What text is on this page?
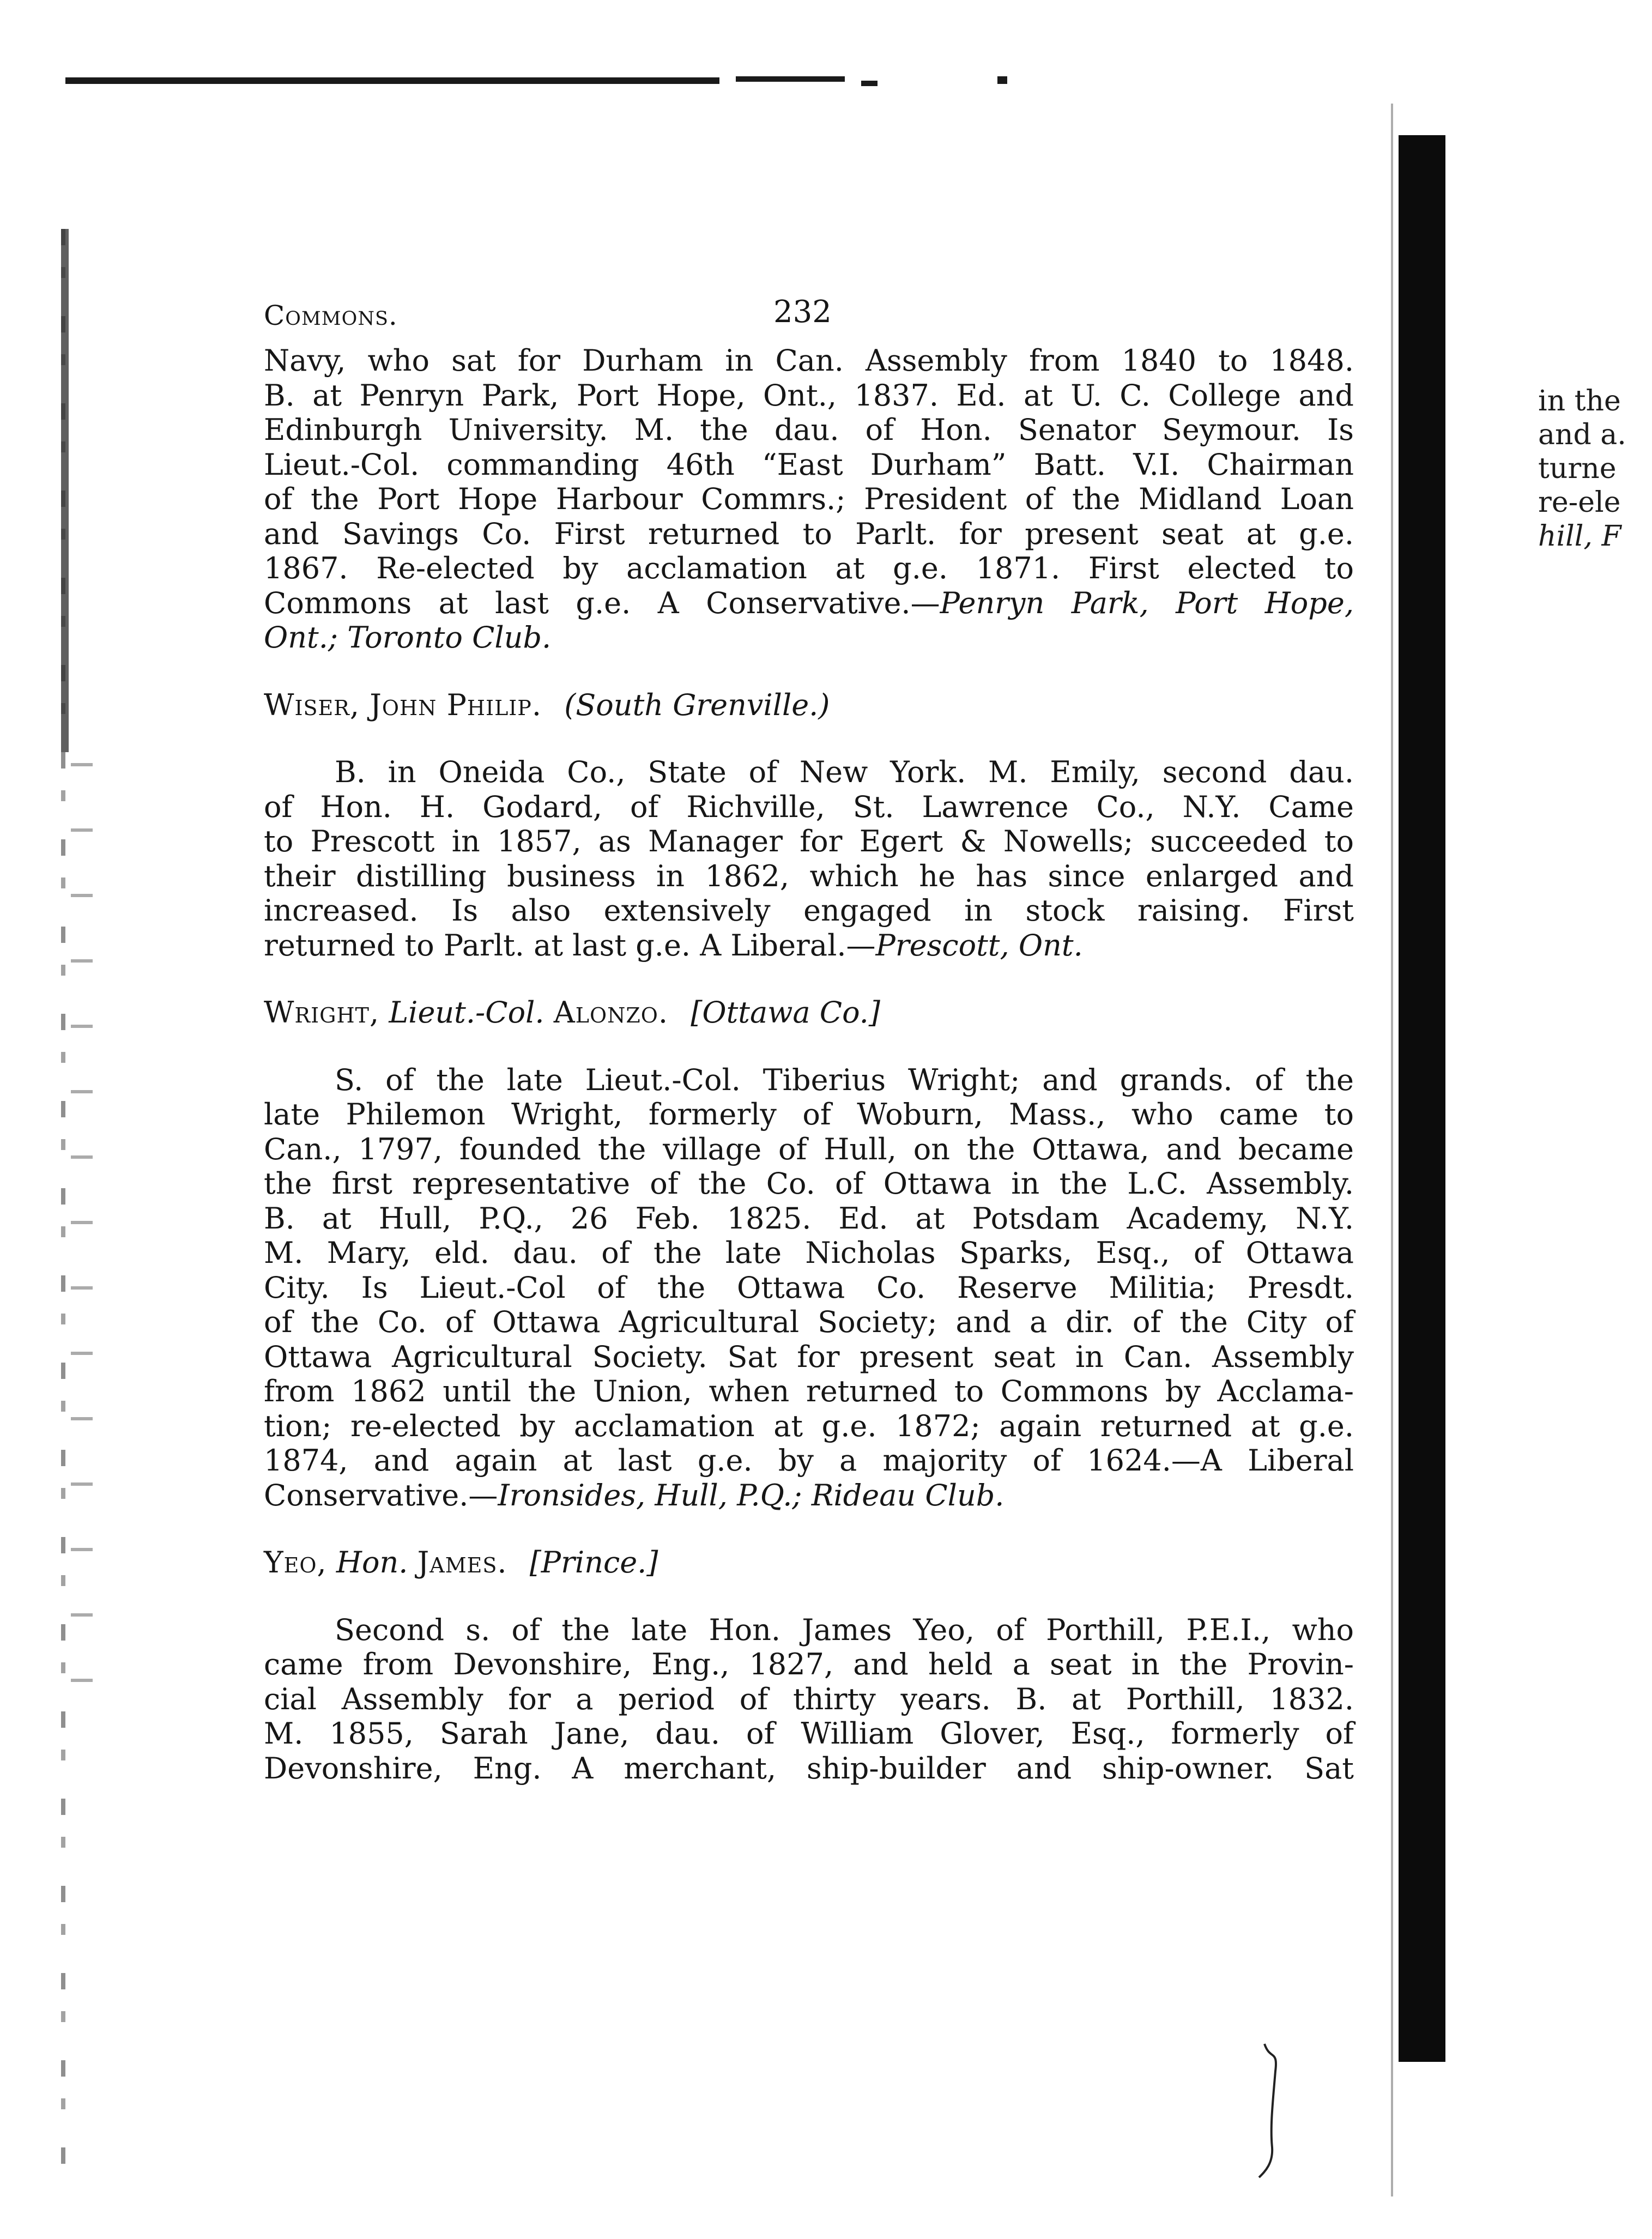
in the
and a.
turne
re-ele
hill, F
Commons.	232
Navy, who sat for Durham in Can. Assembly from 1840 to 1848.
B. at Penryn Park, Port Hope, Ont., 1837. Ed. at U. C. College and
Edinburgh University. M. the dau. of Hon. Senator Seymour. Is
Lieut.-Col. commanding 46th “East Durham” Batt. V.I. Chairman
of the Port Hope Harbour Commrs.; President of the Midland Loan
and Savings Co. First returned to Parlt. for present seat at g.e.
1867. Re-elected by acclamation at g.e. 1871. First elected to
Commons at last g.e. A Conservative.—Penryn Park, Port Hope,
Ont.; Toronto Club.
Wiser, John Philip. (South Grenville.)
B. in Oneida Co., State of New York. M. Emily, second dau.
of Hon. H. Godard, of Richville, St. Lawrence Co., N.Y. Came
to Prescott in 1857, as Manager for Egert & Nowells; succeeded to
their distilling business in 1862, which he has since enlarged and
increased. Is also extensively engaged in stock raising. First
returned to Parlt. at last g.e. A Liberal.—Prescott, Ont.
Wright, Lieut.-Col. Alonzo. [Ottawa Co.]
S. of the late Lieut.-Col. Tiberius Wright; and grands. of the
late Philemon Wright, formerly of Woburn, Mass., who came to
Can., 1797, founded the village of Hull, on the Ottawa, and became
the first representative of the Co. of Ottawa in the L.C. Assembly.
B. at Hull, P.Q., 26 Feb. 1825. Ed. at Potsdam Academy, N.Y.
M. Mary, eld. dau. of the late Nicholas Sparks, Esq., of Ottawa
City. Is Lieut.-Col of the Ottawa Co. Reserve Militia; Presdt.
of the Co. of Ottawa Agricultural Society; and a dir. of the City of
Ottawa Agricultural Society. Sat for present seat in Can. Assembly
from 1862 until the Union, when returned to Commons by Acclama-
tion; re-elected by acclamation at g.e. 1872; again returned at g.e.
1874, and again at last g.e. by a majority of 1624.—A Liberal
Conservative.—Ironsides, Hull, P.Q.; Rideau Club.
Yeo, Hon. James. [Prince.]
Second s. of the late Hon. James Yeo, of Porthill, P.E.I., who
came from Devonshire, Eng., 1827, and held a seat in the Provin-
cial Assembly for a period of thirty years. B. at Porthill, 1832.
M. 1855, Sarah Jane, dau. of William Glover, Esq., formerly of
Devonshire, Eng. A merchant, ship-builder and ship-owner. Sat
